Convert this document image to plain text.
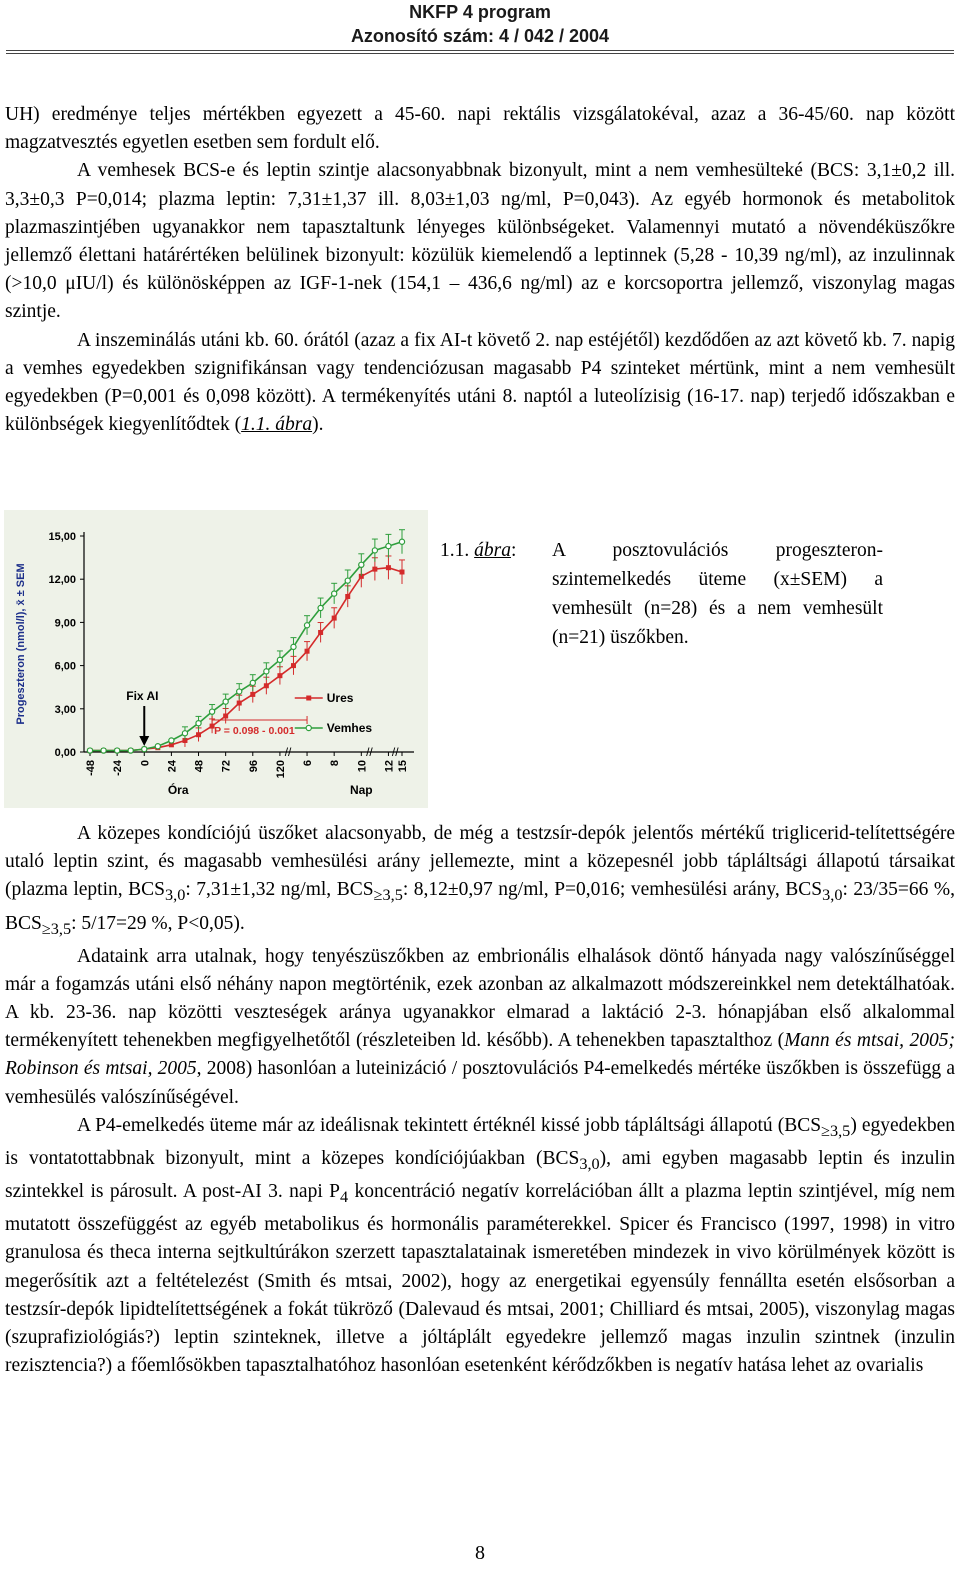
NKFP 4 program
Azonosító szám: 4 / 042 / 2004

UH) eredménye teljes mértékben egyezett a 45-60. napi rektális vizsgálatokéval, azaz a 36-45/60. nap között magzatvesztés egyetlen esetben sem fordult elő.

A vemhesek BCS-e és leptin szintje alacsonyabbnak bizonyult, mint a nem vemhesülteké (BCS: 3,1±0,2 ill. 3,3±0,3 P=0,014; plazma leptin: 7,31±1,37 ill. 8,03±1,03 ng/ml, P=0,043). Az egyéb hormonok és metabolitok plazmaszintjében ugyanakkor nem tapasztaltunk lényeges különbségeket. Valamennyi mutató a növendéküszőkre jellemző élettani határértéken belülinek bizonyult: közülük kiemelendő a leptinnek (5,28 - 10,39 ng/ml), az inzulinnak (>10,0 μIU/l) és különösképpen az IGF-1-nek (154,1 – 436,6 ng/ml) az e korcsoportra jellemző, viszonylag magas szintje.

A inszeminálás utáni kb. 60. órától (azaz a fix AI-t követő 2. nap estéjétől) kezdődően az azt követő kb. 7. napig a vemhes egyedekben szignifikánsan vagy tendenciózusan magasabb P4 szinteket mértünk, mint a nem vemhesült egyedekben (P=0,001 és 0,098 között). A termékenyítés utáni 8. naptól a luteolízisig (16-17. nap) terjedő időszakban e különbségek kiegyenlítődtek (1.1. ábra).

15,00
12,00
9,00
6,00
3,00
0,00
Progeszteron (nmol/l), x̄ ± SEM
-48 -24 0 24 48 72 96 120 6 8 10 12 15
//	// //
Óra	Nap
Fix AI
P = 0.098 - 0.001
Ures
Vemhes
1.1. ábra:	A posztovulációs progeszteron-szintemelkedés üteme (x±SEM) a vemhesült (n=28) és a nem vemhesült (n=21) üszőkben.

A közepes kondíciójú üszőket alacsonyabb, de még a testzsír-depók jelentős mértékű triglicerid-telítettségére utaló leptin szint, és magasabb vemhesülési arány jellemezte, mint a közepesnél jobb tápláltsági állapotú társaikat (plazma leptin, $BCS_{3,0}$: 7,31±1,32 ng/ml, $BCS_{\ge 3,5}$: 8,12±0,97 ng/ml, P=0,016; vemhesülési arány, $BCS_{3,0}$: 23/35=66 %, $BCS_{\ge 3,5}$: 5/17=29 %, P<0,05).

Adataink arra utalnak, hogy tenyészüszőkben az embrionális elhalások döntő hányada nagy valószínűséggel már a fogamzás utáni első néhány napon megtörténik, ezek azonban az alkalmazott módszereinkkel nem detektálhatóak. A kb. 23-36. nap közötti veszteségek aránya ugyanakkor elmarad a laktáció 2-3. hónapjában első alkalommal termékenyített tehenekben megfigyelhetőtől (részleteiben ld. később). A tehenekben tapasztalthoz (Mann és mtsai, 2005; Robinson és mtsai, 2005, 2008) hasonlóan a luteinizáció / posztovulációs P4-emelkedés mértéke üszőkben is összefügg a vemhesülés valószínűségével.

A P4-emelkedés üteme már az ideálisnak tekintett értéknél kissé jobb tápláltsági állapotú $(BCS_{\ge 3,5})$ egyedekben is vontatottabbnak bizonyult, mint a közepes kondíciójúakban $(BCS_{3,0})$, ami egyben magasabb leptin és inzulin szintekkel is párosult. A post-AI 3. napi $P_4$ koncentráció negatív korrelációban állt a plazma leptin szintjével, míg nem mutatott összefüggést az egyéb metabolikus és hormonális paraméterekkel. Spicer és Francisco (1997, 1998) in vitro granulosa és theca interna sejtkultúrákon szerzett tapasztalatainak ismeretében mindezek in vivo körülmények között is megerősítik azt a feltételezést (Smith és mtsai, 2002), hogy az energetikai egyensúly fennállta esetén elsősorban a testzsír-depók lipidtelítettségének a fokát tükröző (Dalevaud és mtsai, 2001; Chilliard és mtsai, 2005), viszonylag magas (szuprafiziológiás?) leptin szinteknek, illetve a jóltáplált egyedekre jellemző magas inzulin szintnek (inzulin rezisztencia?) a főemlősökben tapasztalhatóhoz hasonlóan esetenként kérődzőkben is negatív hatása lehet az ovarialis

8
